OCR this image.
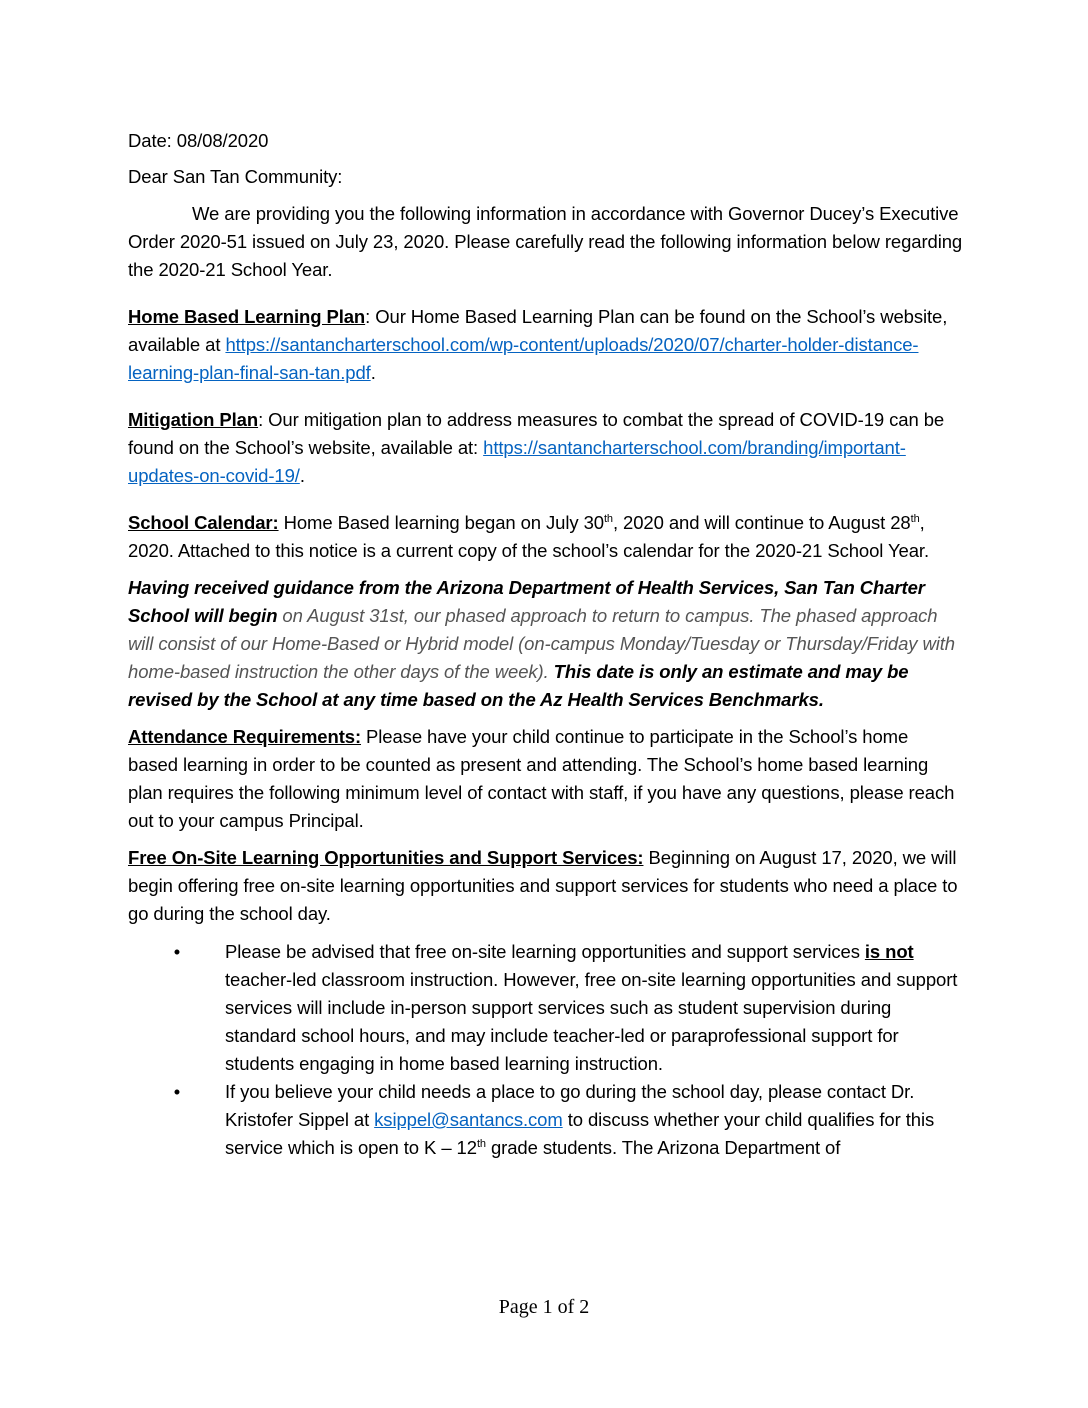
Date: 08/08/2020

Dear San Tan Community:

We are providing you the following information in accordance with Governor Ducey’s Executive Order 2020-51 issued on July 23, 2020. Please carefully read the following information below regarding the 2020-21 School Year.

Home Based Learning Plan: Our Home Based Learning Plan can be found on the School’s website, available at https://santancharterschool.com/wp-content/uploads/2020/07/charter-holder-distance-learning-plan-final-san-tan.pdf.

Mitigation Plan: Our mitigation plan to address measures to combat the spread of COVID-19 can be found on the School’s website, available at: https://santancharterschool.com/branding/important-updates-on-covid-19/.

School Calendar: Home Based learning began on July 30th, 2020 and will continue to August 28th, 2020. Attached to this notice is a current copy of the school’s calendar for the 2020-21 School Year.

Having received guidance from the Arizona Department of Health Services, San Tan Charter School will begin on August 31st, our phased approach to return to campus. The phased approach will consist of our Home-Based or Hybrid model (on-campus Monday/Tuesday or Thursday/Friday with home-based instruction the other days of the week). This date is only an estimate and may be revised by the School at any time based on the Az Health Services Benchmarks.

Attendance Requirements: Please have your child continue to participate in the School’s home based learning in order to be counted as present and attending. The School’s home based learning plan requires the following minimum level of contact with staff, if you have any questions, please reach out to your campus Principal.

Free On-Site Learning Opportunities and Support Services: Beginning on August 17, 2020, we will begin offering free on-site learning opportunities and support services for students who need a place to go during the school day.

• Please be advised that free on-site learning opportunities and support services is not teacher-led classroom instruction. However, free on-site learning opportunities and support services will include in-person support services such as student supervision during standard school hours, and may include teacher-led or paraprofessional support for students engaging in home based learning instruction.
• If you believe your child needs a place to go during the school day, please contact Dr. Kristofer Sippel at ksippel@santancs.com to discuss whether your child qualifies for this service which is open to K – 12th grade students. The Arizona Department of
Page 1 of 2
